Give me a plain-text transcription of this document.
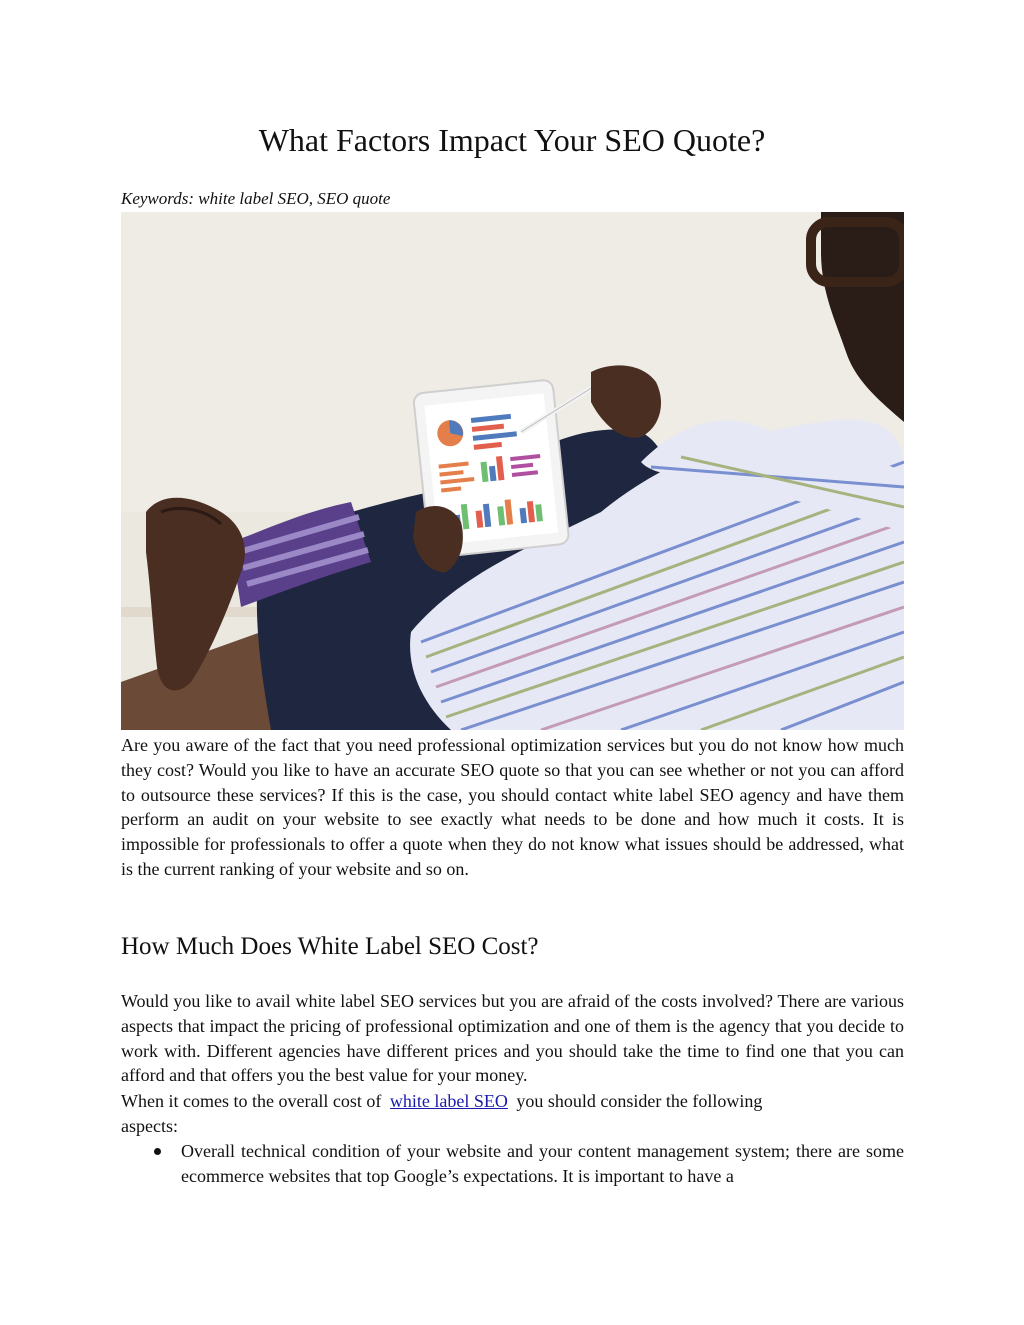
What Factors Impact Your SEO Quote?
Keywords: white label SEO, SEO quote

Are you aware of the fact that you need professional optimization services but you do not know how much they cost? Would you like to have an accurate SEO quote so that you can see whether or not you can afford to outsource these services? If this is the case, you should contact white label SEO agency and have them perform an audit on your website to see exactly what needs to be done and how much it costs. It is impossible for professionals to offer a quote when they do not know what issues should be addressed, what is the current ranking of your website and so on.

How Much Does White Label SEO Cost?

Would you like to avail white label SEO services but you are afraid of the costs involved? There are various aspects that impact the pricing of professional optimization and one of them is the agency that you decide to work with. Different agencies have different prices and you should take the time to find one that you can afford and that offers you the best value for your money.

When it comes to the overall cost of white label SEO you should consider the following
aspects:
Overall technical condition of your website and your content management system; there are some ecommerce websites that top Google’s expectations. It is important to have a
